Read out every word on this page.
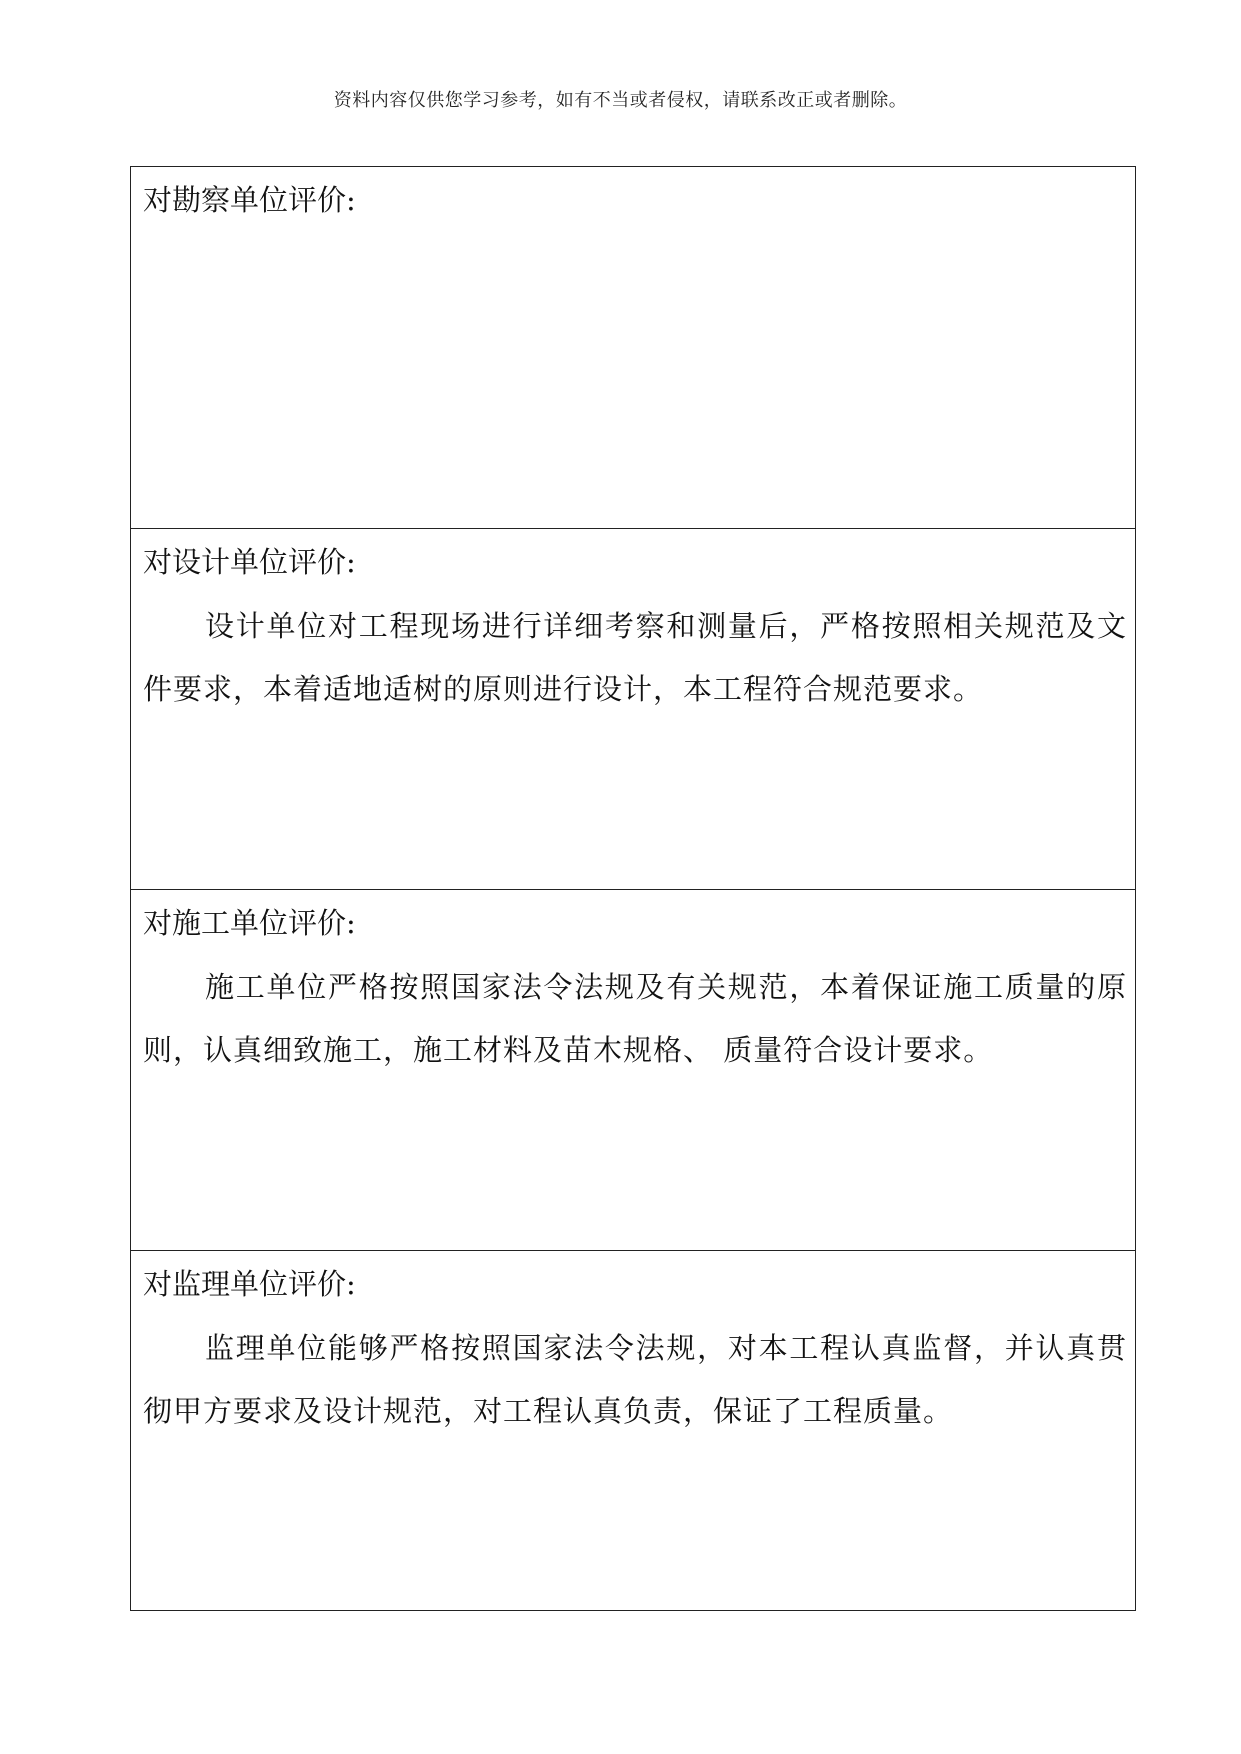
资料内容仅供您学习参考，如有不当或者侵权，请联系改正或者删除。

对勘察单位评价:

对设计单位评价:

设计单位对工程现场进行详细考察和测量后，严格按照相关规范及文件要求，本着适地适树的原则进行设计，本工程符合规范要求。

对施工单位评价:

施工单位严格按照国家法令法规及有关规范，本着保证施工质量的原则，认真细致施工，施工材料及苗木规格、 质量符合设计要求。

对监理单位评价:

监理单位能够严格按照国家法令法规，对本工程认真监督，并认真贯彻甲方要求及设计规范，对工程认真负责，保证了工程质量。
